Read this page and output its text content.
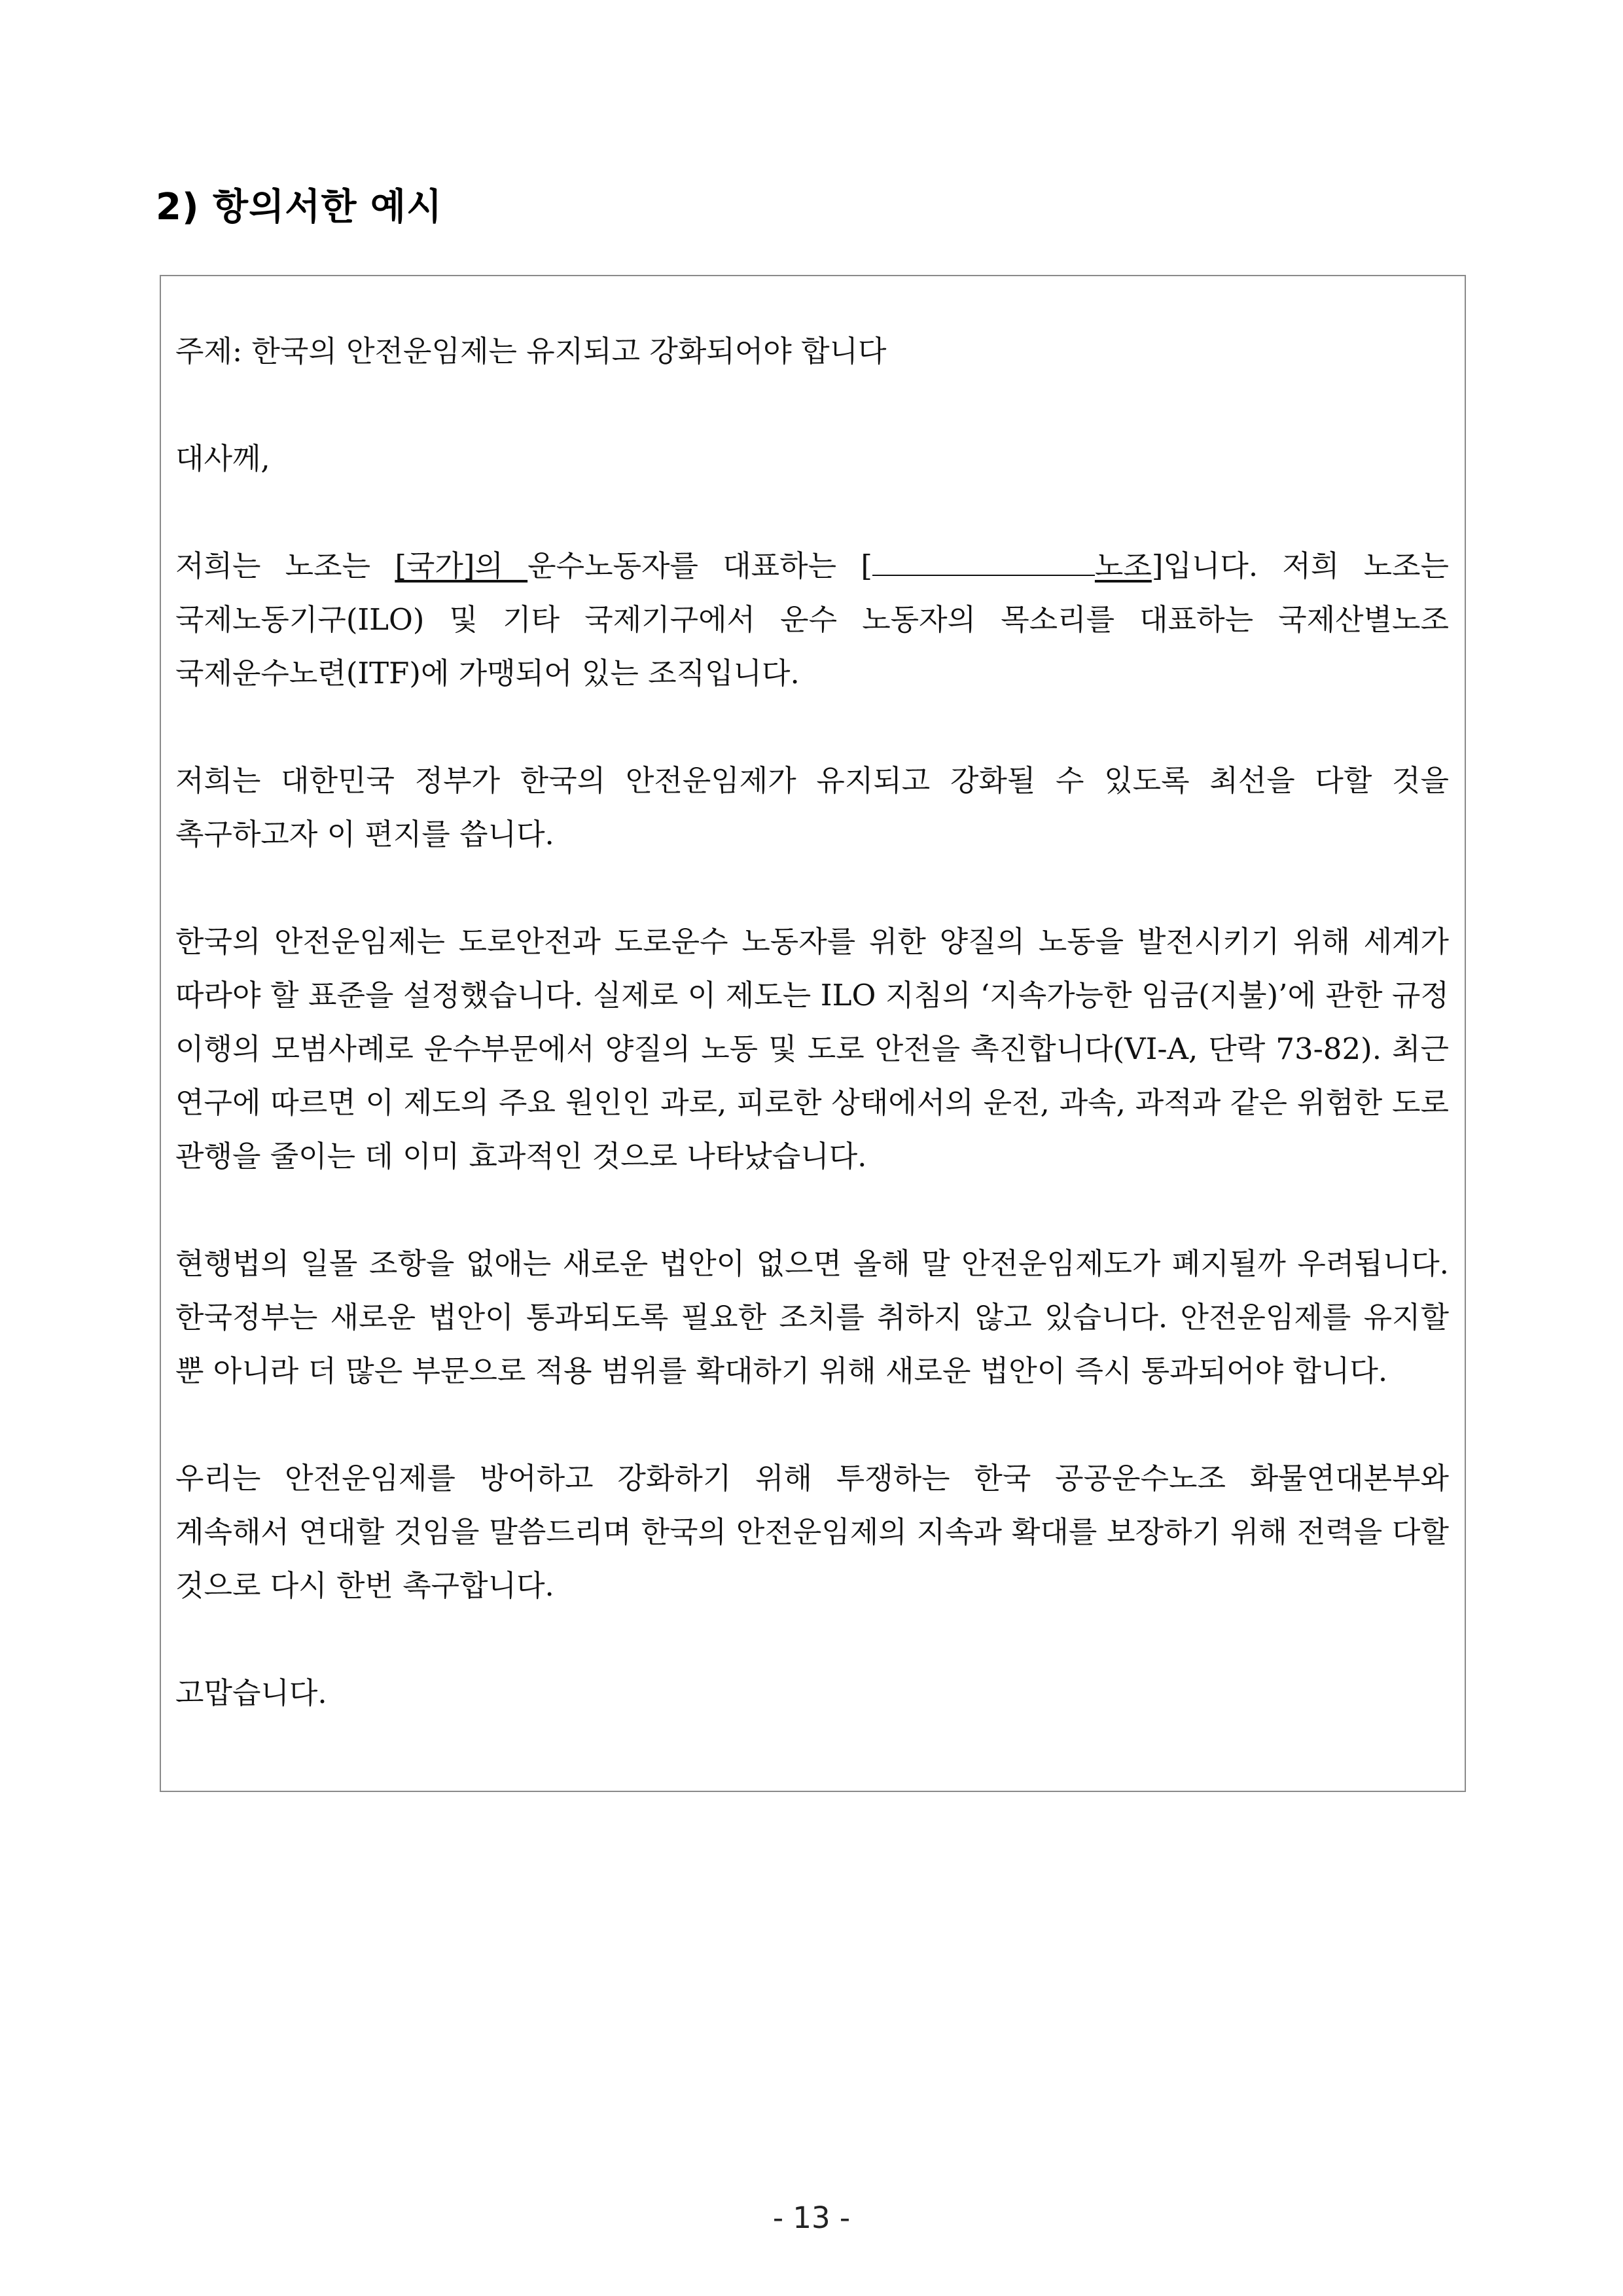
2) 항의서한 예시

주제: 한국의 안전운임제는 유지되고 강화되어야 합니다

대사께,

저희는 노조는 [국가]의 운수노동자를 대표하는 [	노조]입니다. 저희 노조는 국제노동기구(ILO) 및 기타 국제기구에서 운수 노동자의 목소리를 대표하는 국제산별노조 국제운수노련(ITF)에 가맹되어 있는 조직입니다.

저희는 대한민국 정부가 한국의 안전운임제가 유지되고 강화될 수 있도록 최선을 다할 것을 촉구하고자 이 편지를 씁니다.

한국의 안전운임제는 도로안전과 도로운수 노동자를 위한 양질의 노동을 발전시키기 위해 세계가 따라야 할 표준을 설정했습니다. 실제로 이 제도는 ILO 지침의 ‘지속가능한 임금(지불)’에 관한 규정 이행의 모범사례로 운수부문에서 양질의 노동 및 도로 안전을 촉진합니다(VI-A, 단락 73-82). 최근 연구에 따르면 이 제도의 주요 원인인 과로, 피로한 상태에서의 운전, 과속, 과적과 같은 위험한 도로 관행을 줄이는 데 이미 효과적인 것으로 나타났습니다.

현행법의 일몰 조항을 없애는 새로운 법안이 없으면 올해 말 안전운임제도가 폐지될까 우려됩니다. 한국정부는 새로운 법안이 통과되도록 필요한 조치를 취하지 않고 있습니다. 안전운임제를 유지할 뿐 아니라 더 많은 부문으로 적용 범위를 확대하기 위해 새로운 법안이 즉시 통과되어야 합니다.

우리는 안전운임제를 방어하고 강화하기 위해 투쟁하는 한국 공공운수노조 화물연대본부와 계속해서 연대할 것임을 말씀드리며 한국의 안전운임제의 지속과 확대를 보장하기 위해 전력을 다할 것으로 다시 한번 촉구합니다.

고맙습니다.

- 13 -
